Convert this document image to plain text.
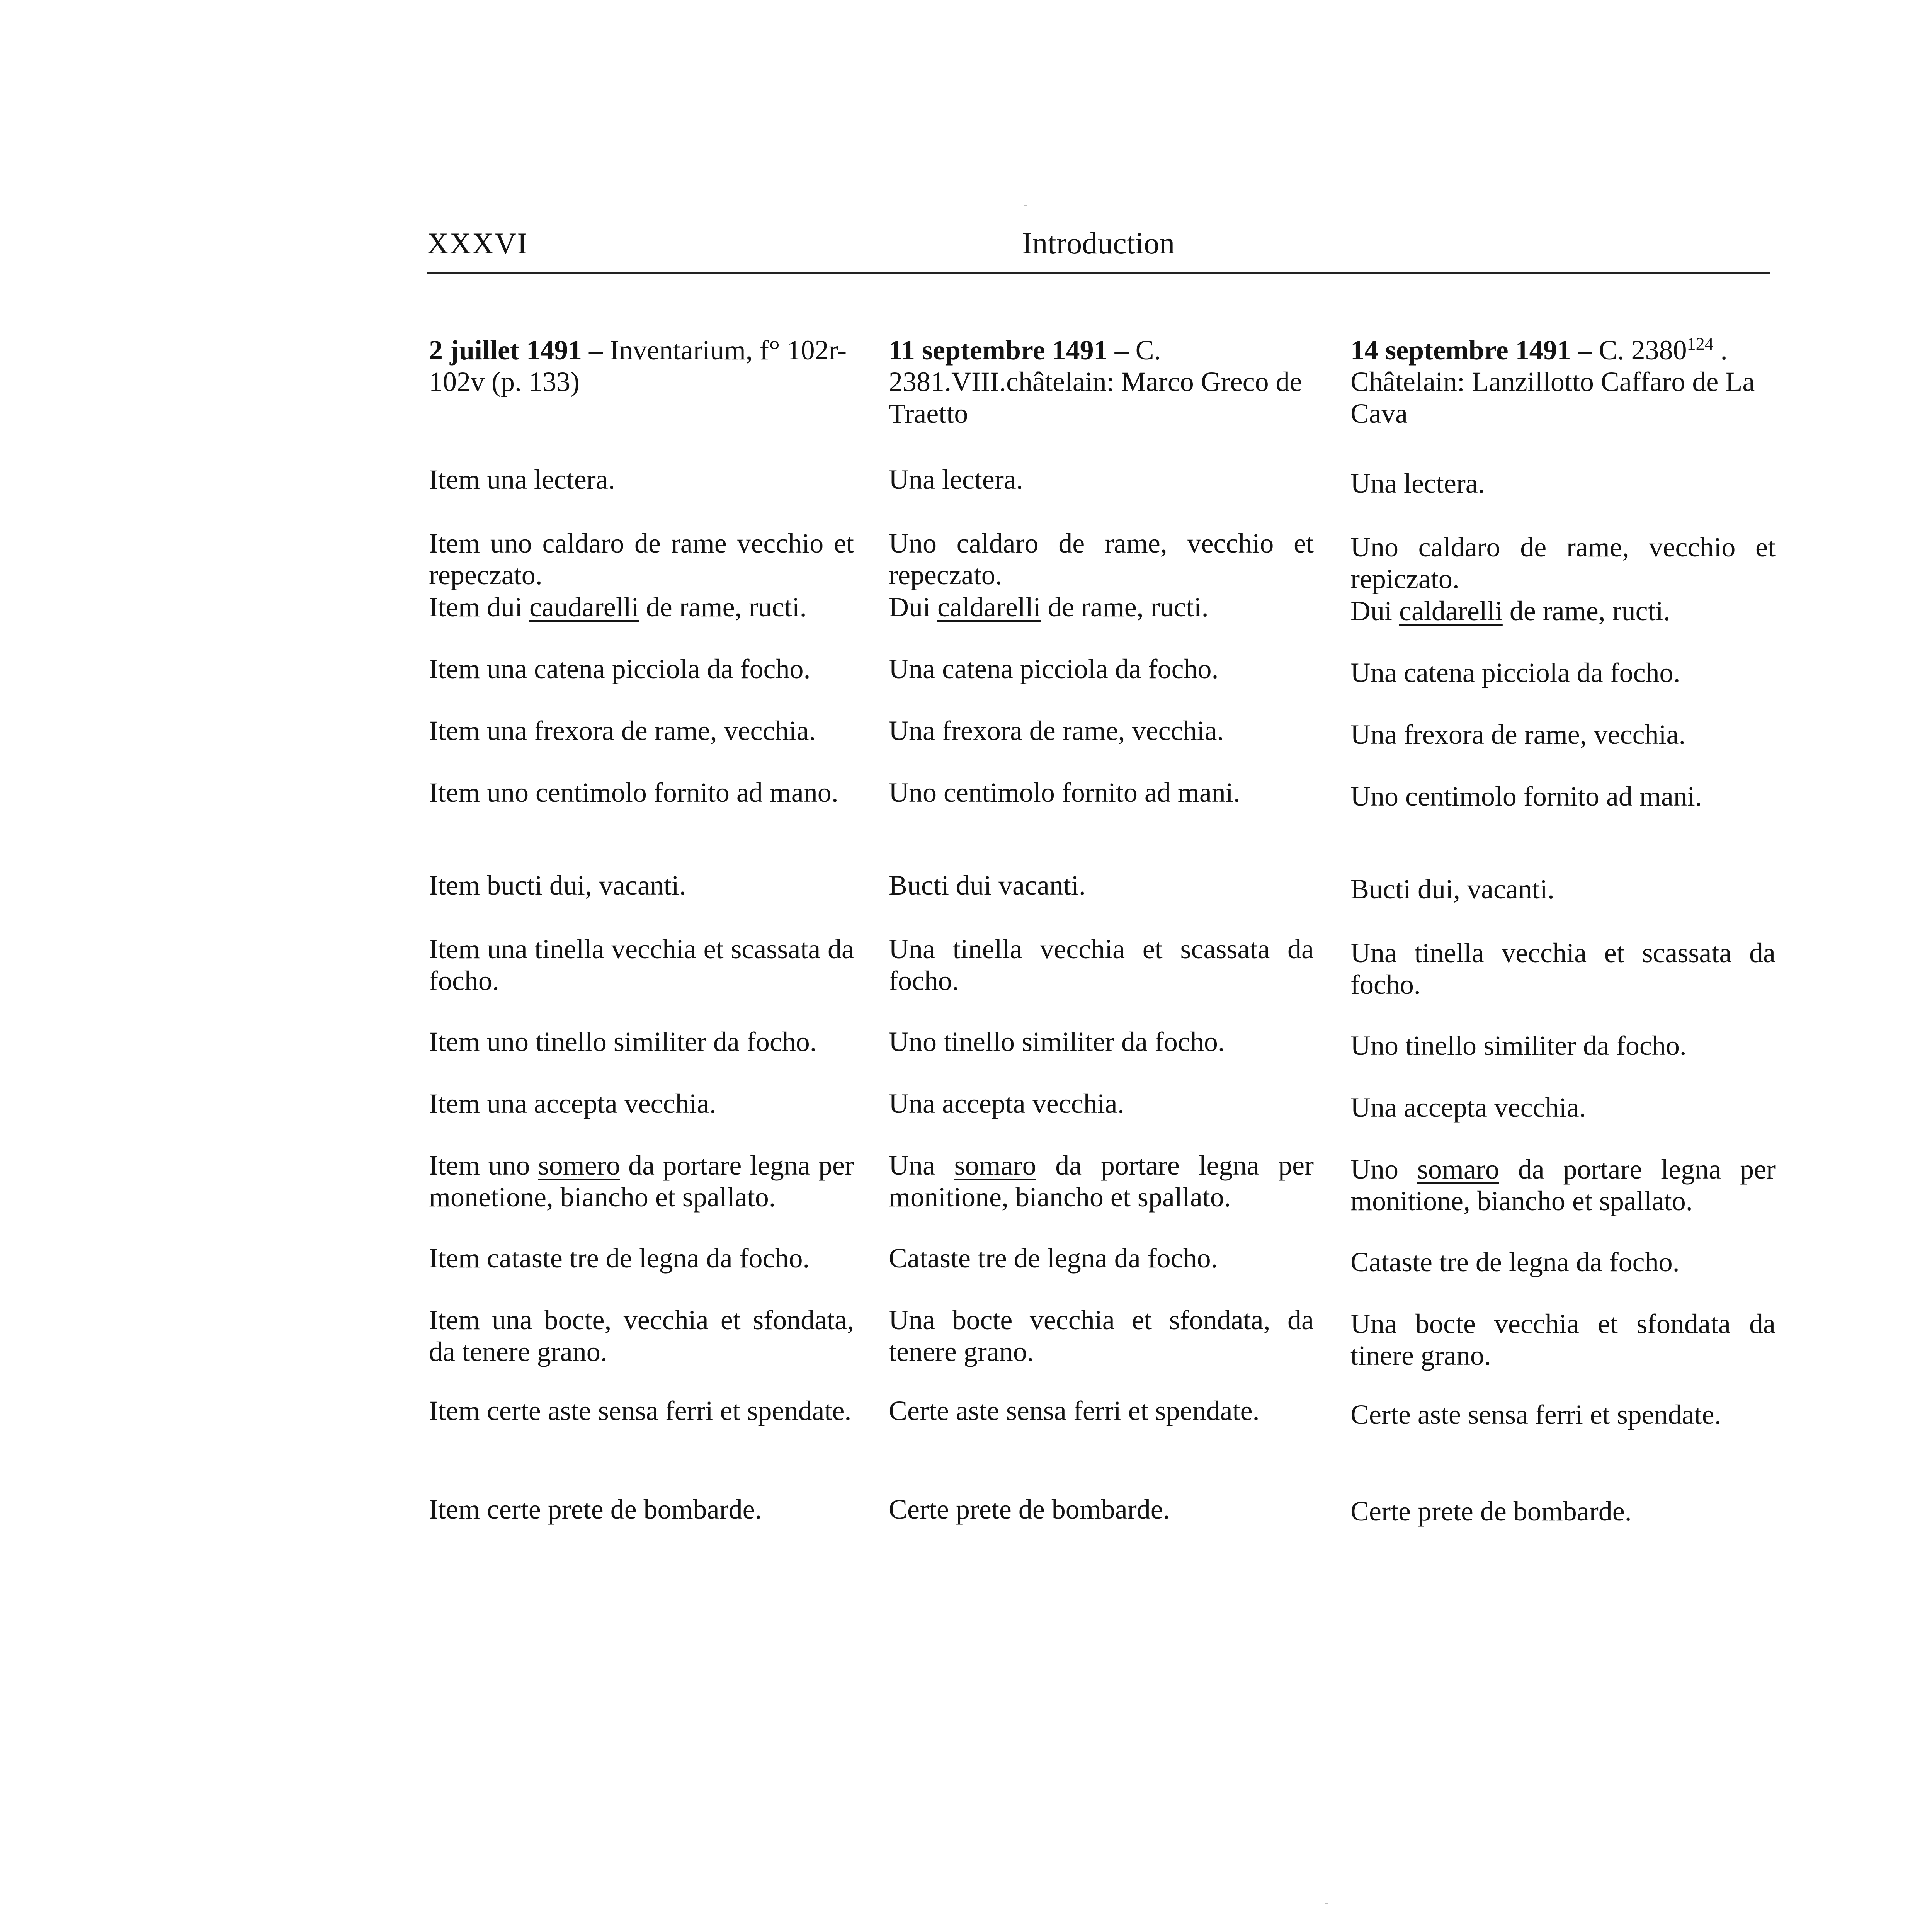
XXXVI	Introduction
2 juillet 1491 – Inventarium, f° 102r-102v (p. 133)
Item una lectera.
Item uno caldaro de rame vecchio et repeczato.
Item dui caudarelli de rame, ructi.
Item una catena picciola da focho.
Item una frexora de rame, vecchia.
Item uno centimolo fornito ad mano.
Item bucti dui, vacanti.
Item una tinella vecchia et scassata da focho.
Item uno tinello similiter da focho.
Item una accepta vecchia.
Item uno somero da portare legna per monetione, biancho et spallato.
Item cataste tre de legna da focho.
Item una bocte, vecchia et sfondata, da tenere grano.
Item certe aste sensa ferri et spendate.
Item certe prete de bombarde.
11 septembre 1491 – C. 2381.VIII.châtelain: Marco Greco de Traetto
Una lectera.
Uno caldaro de rame, vecchio et repeczato.
Dui caldarelli de rame, ructi.
Una catena picciola da focho.
Una frexora de rame, vecchia.
Uno centimolo fornito ad mani.
Bucti dui vacanti.
Una tinella vecchia et scassata da focho.
Uno tinello similiter da focho.
Una accepta vecchia.
Una somaro da portare legna per monitione, biancho et spallato.
Cataste tre de legna da focho.
Una bocte vecchia et sfondata, da tenere grano.
Certe aste sensa ferri et spendate.
Certe prete de bombarde.
14 septembre 1491 – C. 2380$^{124}$ . Châtelain: Lanzillotto Caffaro de La Cava
Una lectera.
Uno caldaro de rame, vecchio et repiczato.
Dui caldarelli de rame, ructi.
Una catena picciola da focho.
Una frexora de rame, vecchia.
Uno centimolo fornito ad mani.
Bucti dui, vacanti.
Una tinella vecchia et scassata da focho.
Uno tinello similiter da focho.
Una accepta vecchia.
Uno somaro da portare legna per monitione, biancho et spallato.
Cataste tre de legna da focho.
Una bocte vecchia et sfondata da tinere grano.
Certe aste sensa ferri et spendate.
Certe prete de bombarde.
